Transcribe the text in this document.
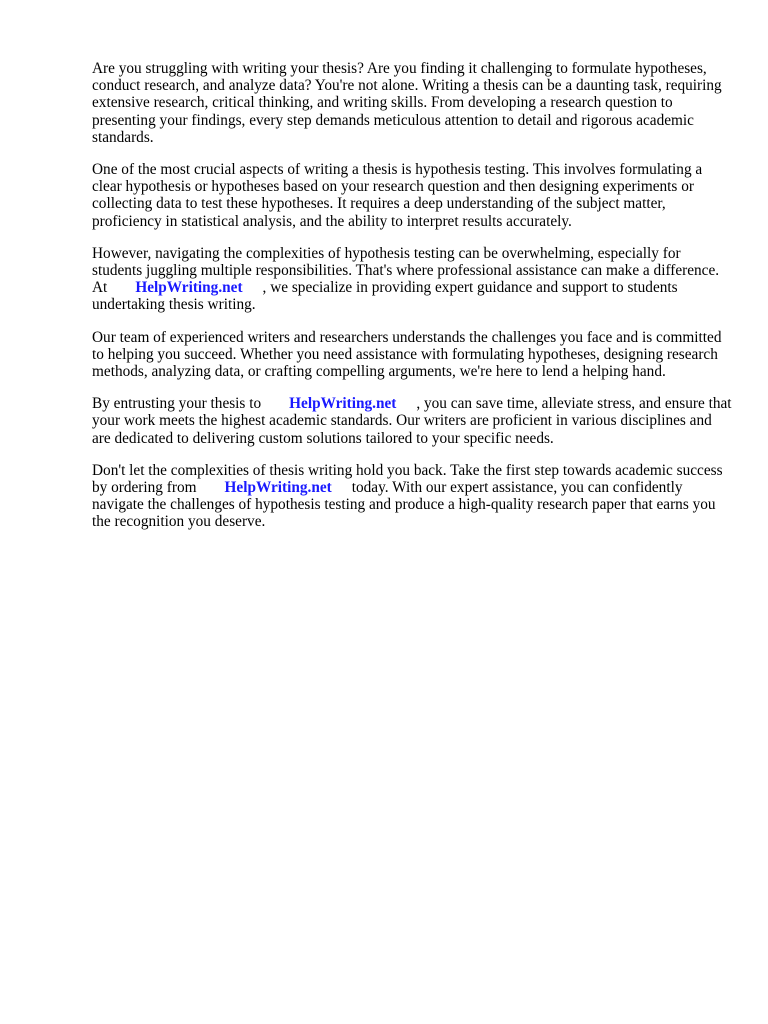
Are you struggling with writing your thesis? Are you finding it challenging to formulate hypotheses, conduct research, and analyze data? You're not alone. Writing a thesis can be a daunting task, requiring extensive research, critical thinking, and writing skills. From developing a research question to presenting your findings, every step demands meticulous attention to detail and rigorous academic standards.

One of the most crucial aspects of writing a thesis is hypothesis testing. This involves formulating a clear hypothesis or hypotheses based on your research question and then designing experiments or collecting data to test these hypotheses. It requires a deep understanding of the subject matter, proficiency in statistical analysis, and the ability to interpret results accurately.

However, navigating the complexities of hypothesis testing can be overwhelming, especially for students juggling multiple responsibilities. That's where professional assistance can make a difference. At HelpWriting.net , we specialize in providing expert guidance and support to students undertaking thesis writing.

Our team of experienced writers and researchers understands the challenges you face and is committed to helping you succeed. Whether you need assistance with formulating hypotheses, designing research methods, analyzing data, or crafting compelling arguments, we're here to lend a helping hand.

By entrusting your thesis to HelpWriting.net , you can save time, alleviate stress, and ensure that your work meets the highest academic standards. Our writers are proficient in various disciplines and are dedicated to delivering custom solutions tailored to your specific needs.

Don't let the complexities of thesis writing hold you back. Take the first step towards academic success by ordering from HelpWriting.net today. With our expert assistance, you can confidently navigate the challenges of hypothesis testing and produce a high-quality research paper that earns you the recognition you deserve.
